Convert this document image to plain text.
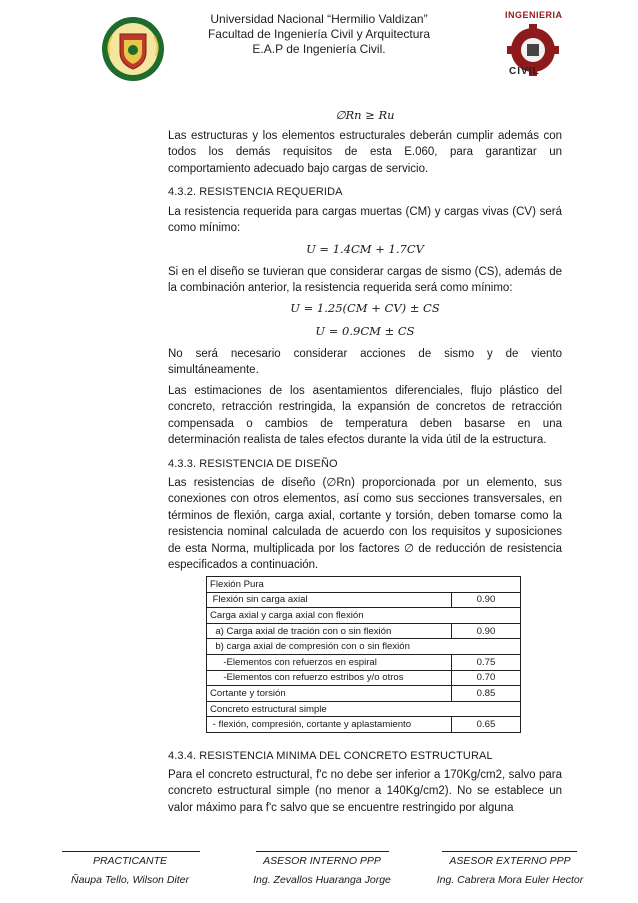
Universidad Nacional “Hermilio Valdizan”
Facultad de Ingeniería Civil y Arquitectura
E.A.P de Ingeniería Civil.
INGENIERIA
CIVIL
∅Rn ≥ Ru
Las estructuras y los elementos estructurales deberán cumplir además con todos los demás requisitos de esta E.060, para garantizar un comportamiento adecuado bajo cargas de servicio.
4.3.2. RESISTENCIA REQUERIDA
La resistencia requerida para cargas muertas (CM) y cargas vivas (CV) será como mínimo:
U = 1.4CM + 1.7CV
Si en el diseño se tuvieran que considerar cargas de sismo (CS), además de la combinación anterior, la resistencia requerida será como mínimo:
U = 1.25(CM + CV) ± CS
U = 0.9CM ± CS
No será necesario considerar acciones de sismo y de viento simultáneamente.
Las estimaciones de los asentamientos diferenciales, flujo plástico del concreto, retracción restringida, la expansión de concretos de retracción compensada o cambios de temperatura deben basarse en una determinación realista de tales efectos durante la vida útil de la estructura.
4.3.3. RESISTENCIA DE DISEÑO
Las resistencias de diseño (∅Rn) proporcionada por un elemento, sus conexiones con otros elementos, así como sus secciones transversales, en términos de flexión, carga axial, cortante y torsión, deben tomarse como la resistencia nominal calculada de acuerdo con los requisitos y suposiciones de esta Norma, multiplicada por los factores ∅ de reducción de resistencia especificados a continuación.
Flexión Pura	
Flexión sin carga axial	0.90
Carga axial y carga axial con flexión	
a) Carga axial de tración con o sin flexión	0.90
b) carga axial de compresión con o sin flexión	
-Elementos con refuerzos en espiral	0.75
-Elementos con refuerzo estribos y/o otros	0.70
Cortante y torsión	0.85
Concreto estructural simple	
- flexión, compresión, cortante y aplastamiento	0.65
4.3.4. RESISTENCIA MINIMA DEL CONCRETO ESTRUCTURAL
Para el concreto estructural, f'c no debe ser inferior a 170Kg/cm2, salvo para concreto estructural simple (no menor a 140Kg/cm2). No se establece un valor máximo para f'c salvo que se encuentre restringido por alguna
PRACTICANTE
Ñaupa Tello, Wilson Diter
ASESOR INTERNO PPP
Ing. Zevallos Huaranga Jorge
ASESOR EXTERNO PPP
Ing. Cabrera Mora Euler Hector
